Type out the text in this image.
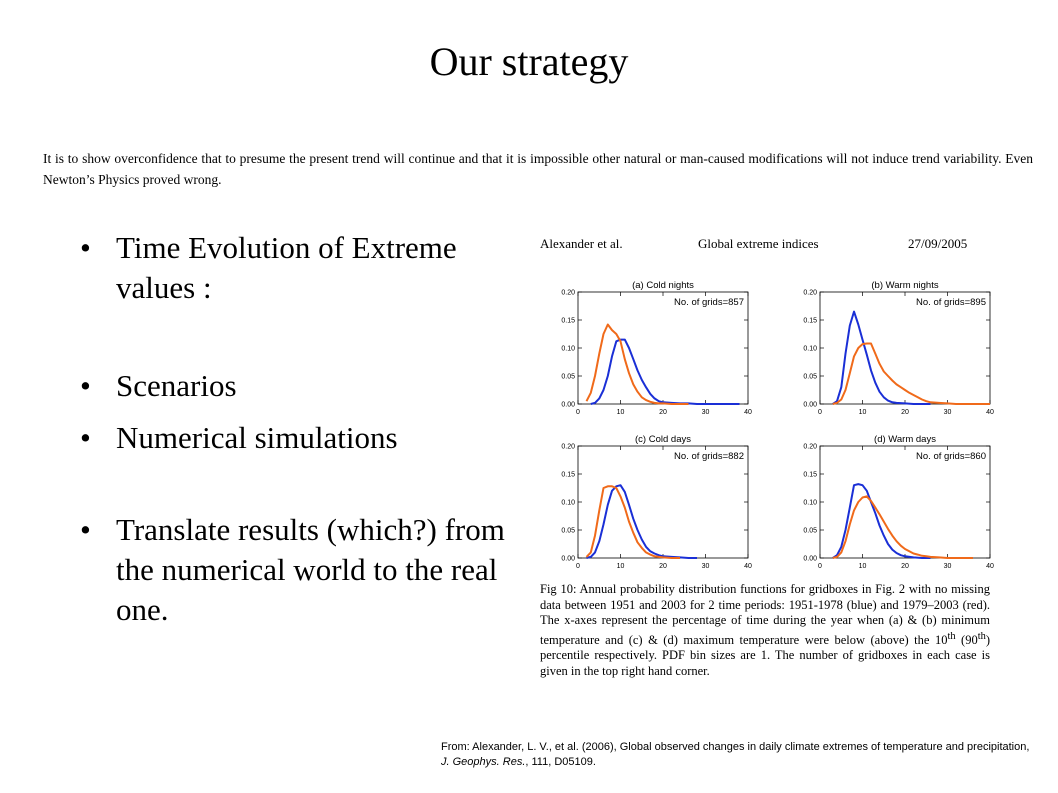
Our strategy
It is to show overconfidence that to presume the present trend will continue and that it is impossible other natural or man-caused modifications will not induce trend variability. Even Newton’s Physics proved wrong.
• Time Evolution of Extreme values :
• Scenarios
• Numerical simulations
• Translate results (which?) from the numerical world to the real one.
Alexander et al.	Global extreme indices	27/09/2005
(a) Cold nights
No. of grids=857
0.00
0.05
0.10
0.15
0.20
0	10	20	30	40
(b) Warm nights
No. of grids=895
0.00
0.05
0.10
0.15
0.20
0	10	20	30	40
(c) Cold days
No. of grids=882
0.00
0.05
0.10
0.15
0.20
0	10	20	30	40
(d) Warm days
No. of grids=860
0.00
0.05
0.10
0.15
0.20
0	10	20	30	40
Fig 10: Annual probability distribution functions for gridboxes in Fig. 2 with no missing data between 1951 and 2003 for 2 time periods: 1951-1978 (blue) and 1979–2003 (red). The x-axes represent the percentage of time during the year when (a) & (b) minimum temperature and (c) & (d) maximum temperature were below (above) the 10th (90th) percentile respectively. PDF bin sizes are 1. The number of gridboxes in each case is given in the top right hand corner.
From: Alexander, L. V., et al. (2006), Global observed changes in daily climate extremes of temperature and precipitation,
J. Geophys. Res., 111, D05109.
